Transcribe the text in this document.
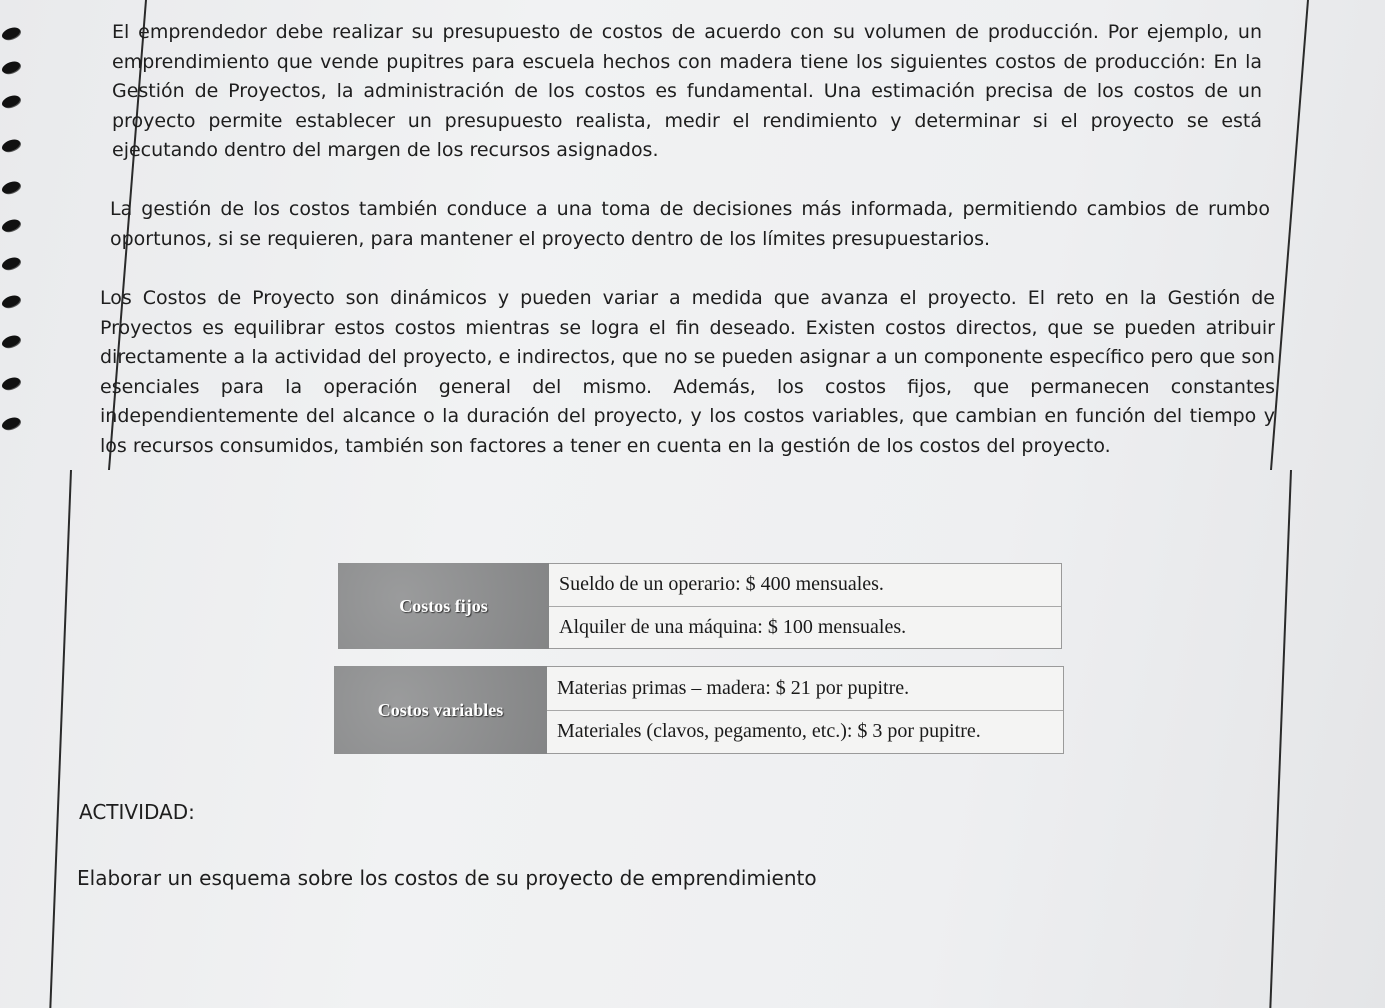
El emprendedor debe realizar su presupuesto de costos de acuerdo con su volumen de producción. Por ejemplo, un emprendimiento que vende pupitres para escuela hechos con madera tiene los siguientes costos de producción: En la Gestión de Proyectos, la administración de los costos es fundamental. Una estimación precisa de los costos de un proyecto permite establecer un presupuesto realista, medir el rendimiento y determinar si el proyecto se está ejecutando dentro del margen de los recursos asignados.

La gestión de los costos también conduce a una toma de decisiones más informada, permitiendo cambios de rumbo oportunos, si se requieren, para mantener el proyecto dentro de los límites presupuestarios.

Los Costos de Proyecto son dinámicos y pueden variar a medida que avanza el proyecto. El reto en la Gestión de Proyectos es equilibrar estos costos mientras se logra el fin deseado. Existen costos directos, que se pueden atribuir directamente a la actividad del proyecto, e indirectos, que no se pueden asignar a un componente específico pero que son esenciales para la operación general del mismo. Además, los costos fijos, que permanecen constantes independientemente del alcance o la duración del proyecto, y los costos variables, que cambian en función del tiempo y los recursos consumidos, también son factores a tener en cuenta en la gestión de los costos del proyecto.

Costos fijos
Sueldo de un operario: $ 400 mensuales.
Alquiler de una máquina: $ 100 mensuales.
Costos variables
Materias primas – madera: $ 21 por pupitre.
Materiales (clavos, pegamento, etc.): $ 3 por pupitre.
ACTIVIDAD:
Elaborar un esquema sobre los costos de su proyecto de emprendimiento
